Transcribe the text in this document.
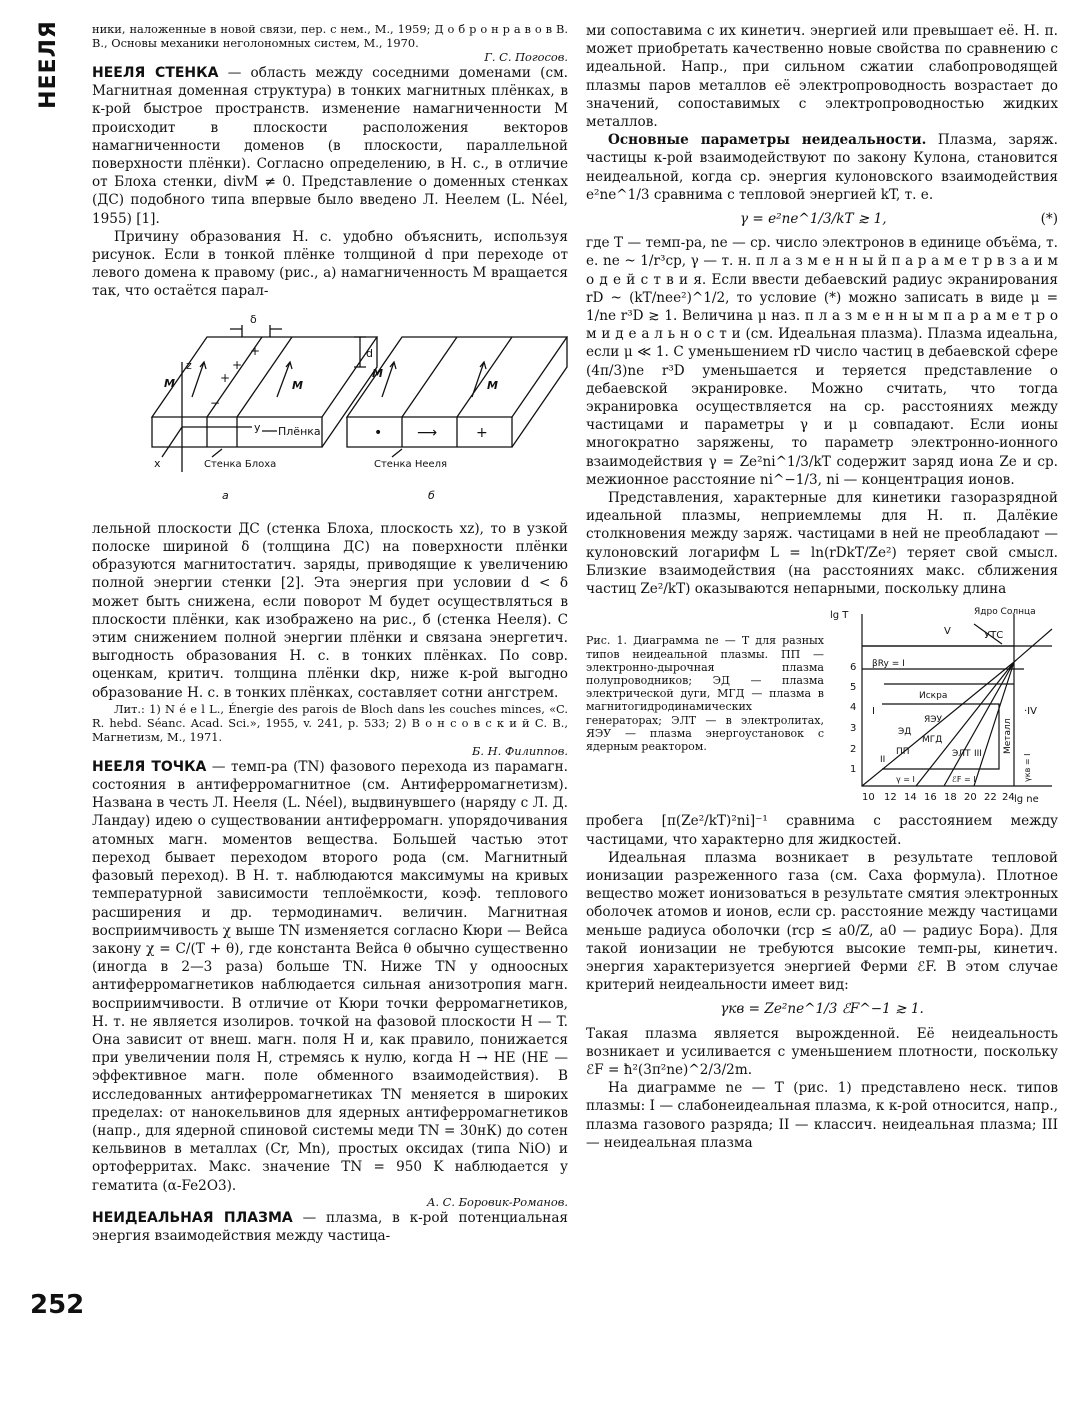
НЕЕЛЯ
252

ники, наложенные в новой связи, пер. с нем., М., 1959; Д о б р о н р а в о в В. В., Основы механики неголономных систем, М., 1970.

Г. С. Погосов.

НЕЕЛЯ СТЕНКА — область между соседними доменами (см. Магнитная доменная структура) в тонких магнитных плёнках, в к-рой быстрое пространств. изменение намагниченности M происходит в плоскости расположения векторов намагниченности доменов (в плоскости, параллельной поверхности плёнки). Согласно определению, в Н. с., в отличие от Блоха стенки, divM ≠ 0. Представление о доменных стенках (ДС) подобного типа впервые было введено Л. Неелем (L. Néel, 1955) [1].

Причину образования Н. с. удобно объяснить, используя рисунок. Если в тонкой плёнке толщиной d при переходе от левого домена к правому (рис., а) намагниченность M вращается так, что остаётся парал-

δ
d
M	M
M
M
z
y
x
Плёнка
Стенка Блоха	Стенка Нееля
а	б
• ⟶	+
+
+
+
−

лельной плоскости ДС (стенка Блоха, плоскость xz), то в узкой полоске шириной δ (толщина ДС) на поверхности плёнки образуются магнитостатич. заряды, приводящие к увеличению полной энергии стенки [2]. Эта энергия при условии d < δ может быть снижена, если поворот M будет осуществляться в плоскости плёнки, как изображено на рис., б (стенка Нееля). С этим снижением полной энергии плёнки и связана энергетич. выгодность образования Н. с. в тонких плёнках. По совр. оценкам, критич. толщина плёнки dкр, ниже к-рой выгодно образование Н. с. в тонких плёнках, составляет сотни ангстрем.

Лит.: 1) N é e l L., Énergie des parois de Bloch dans les couches minces, «C. R. hebd. Séanc. Acad. Sci.», 1955, v. 241, p. 533; 2) В о н с о в с к и й С. В., Магнетизм, М., 1971.

Б. Н. Филиппов.

НЕЕЛЯ ТОЧКА — темп-ра (TN) фазового перехода из парамагн. состояния в антиферромагнитное (см. Антиферромагнетизм). Названа в честь Л. Нееля (L. Néel), выдвинувшего (наряду с Л. Д. Ландау) идею о существовании антиферромагн. упорядочивания атомных магн. моментов вещества. Большей частью этот переход бывает переходом второго рода (см. Магнитный фазовый переход). В Н. т. наблюдаются максимумы на кривых температурной зависимости теплоёмкости, коэф. теплового расширения и др. термодинамич. величин. Магнитная восприимчивость χ выше TN изменяется согласно Кюри — Вейса закону χ = C/(T + θ), где константа Вейса θ обычно существенно (иногда в 2—3 раза) больше TN. Ниже TN у одноосных антиферромагнетиков наблюдается сильная анизотропия магн. восприимчивости. В отличие от Кюри точки ферромагнетиков, Н. т. не является изолиров. точкой на фазовой плоскости H — T. Она зависит от внеш. магн. поля H и, как правило, понижается при увеличении поля H, стремясь к нулю, когда H → HE (HE — эффективное магн. поле обменного взаимодействия). В исследованных антиферромагнетиках TN меняется в широких пределах: от нанокельвинов для ядерных антиферромагнетиков (напр., для ядерной спиновой системы меди TN = 30нК) до сотен кельвинов в металлах (Cr, Mn), простых оксидах (типа NiO) и ортоферритах. Макс. значение TN = 950 K наблюдается у гематита (α-Fe2O3).

А. С. Боровик-Романов.

НЕИДЕАЛЬНАЯ ПЛАЗМА — плазма, в к-рой потенциальная энергия взаимодействия между частица-

ми сопоставима с их кинетич. энергией или превышает её. Н. п. может приобретать качественно новые свойства по сравнению с идеальной. Напр., при сильном сжатии слабопроводящей плазмы паров металлов её электропроводность возрастает до значений, сопоставимых с электропроводностью жидких металлов.

Основные параметры неидеальности. Плазма, заряж. частицы к-рой взаимодействуют по закону Кулона, становится неидеальной, когда ср. энергия кулоновского взаимодействия e²ne^1/3 сравнима с тепловой энергией kT, т. е.

γ = e²ne^1/3/kT ≳ 1,	(*)

где T — темп-ра, ne — ср. число электронов в единице объёма, т. е. ne ~ 1/r³ср, γ — т. н. п л а з м е н н ы й п а р а м е т р в з а и м о д е й с т в и я. Если ввести дебаевский радиус экранирования rD ~ (kT/nee²)^1/2, то условие (*) можно записать в виде μ = 1/ne r³D ≳ 1. Величина μ наз. п л а з м е н н ы м п а р а м е т р о м и д е а л ь н о с т и (см. Идеальная плазма). Плазма идеальна, если μ ≪ 1. С уменьшением rD число частиц в дебаевской сфере (4π/3)ne r³D уменьшается и теряется представление о дебаевской экранировке. Можно считать, что тогда экранировка осуществляется на ср. расстояниях между частицами и параметры γ и μ совпадают. Если ионы многократно заряжены, то параметр электронно-ионного взаимодействия γ = Ze²ni^1/3/kT содержит заряд иона Ze и ср. межионное расстояние ni^−1/3, ni — концентрация ионов.

Представления, характерные для кинетики газоразрядной идеальной плазмы, неприемлемы для Н. п. Далёкие столкновения между заряж. частицами в ней не преобладают — кулоновский логарифм L = ln(rDkT/Ze²) теряет свой смысл. Близкие взаимодействия (на расстояниях макс. сближения частиц Ze²/kT) оказываются непарными, поскольку длина

Рис. 1. Диаграмма ne — T для разных типов неидеальной плазмы. ПП — электронно-дырочная плазма полупроводников; ЭД — плазма электрической дуги, МГД — плазма в магнитогидродинамических генераторах; ЭЛТ — в электролитах, ЯЭУ — плазма энергоустановок с ядерным реактором.
lg T
lg ne
1
2
3
4
5
6
10 12 14 16 18 20 22 24
Ядро Солнца
УТС
V
I
II
III
·IV
βRy = I
Искра
ЯЭУ
ЭД
МГД
ЭЛТ
ПП	Металл
γ = I	ℰF = I	γкв = I

пробега [π(Ze²/kT)²ni]⁻¹ сравнима с расстоянием между частицами, что характерно для жидкостей.

Идеальная плазма возникает в результате тепловой ионизации разреженного газа (см. Саха формула). Плотное вещество может ионизоваться в результате смятия электронных оболочек атомов и ионов, если ср. расстояние между частицами меньше радиуса оболочки (rср ≤ a0/Z, a0 — радиус Бора). Для такой ионизации не требуются высокие темп-ры, кинетич. энергия характеризуется энергией Ферми ℰF. В этом случае критерий неидеальности имеет вид:

γкв = Ze²ne^1/3 ℰF^−1 ≳ 1.

Такая плазма является вырожденной. Её неидеальность возникает и усиливается с уменьшением плотности, поскольку ℰF = ħ²(3π²ne)^2/3/2m.

На диаграмме ne — T (рис. 1) представлено неск. типов плазмы: I — слабонеидеальная плазма, к к-рой относится, напр., плазма газового разряда; II — классич. неидеальная плазма; III — неидеальная плазма
